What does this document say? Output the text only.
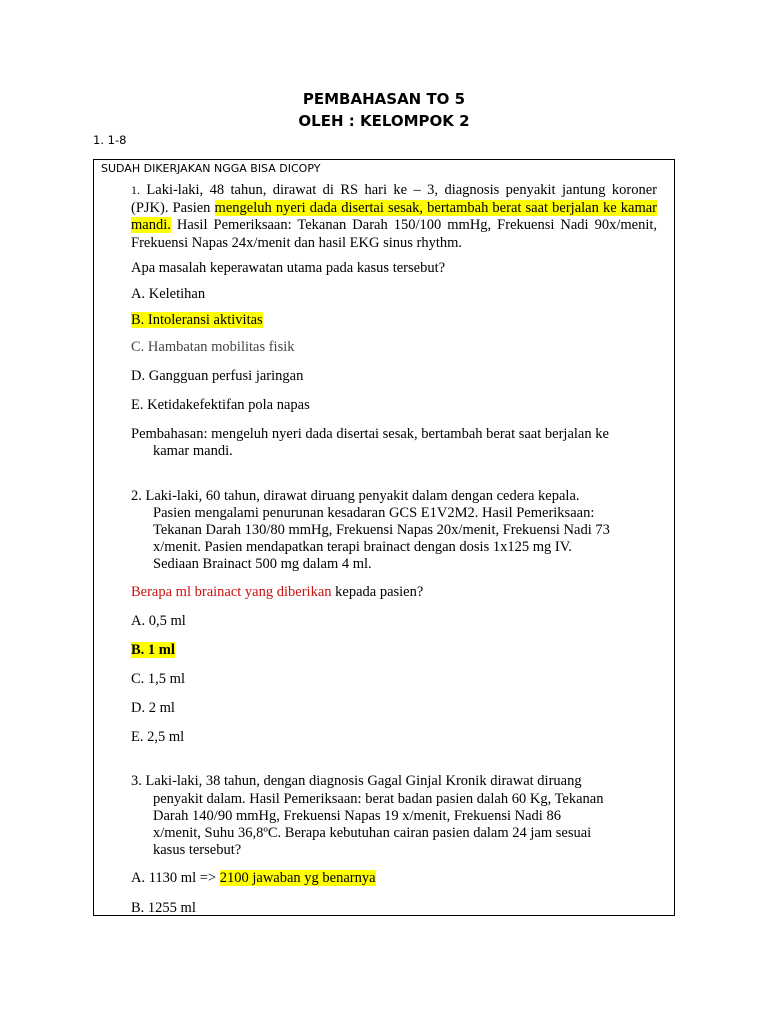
PEMBAHASAN TO 5
OLEH : KELOMPOK 2
1. 1-8
SUDAH DIKERJAKAN NGGA BISA DICOPY
1. Laki-laki, 48 tahun, dirawat di RS hari ke – 3, diagnosis penyakit jantung koroner (PJK). Pasien mengeluh nyeri dada disertai sesak, bertambah berat saat berjalan ke kamar mandi. Hasil Pemeriksaan: Tekanan Darah 150/100 mmHg, Frekuensi Nadi 90x/menit, Frekuensi Napas 24x/menit dan hasil EKG sinus rhythm.
Apa masalah keperawatan utama pada kasus tersebut?
A. Keletihan
B. Intoleransi aktivitas
C. Hambatan mobilitas fisik
D. Gangguan perfusi jaringan
E. Ketidakefektifan pola napas
Pembahasan: mengeluh nyeri dada disertai sesak, bertambah berat saat berjalan ke
kamar mandi.
2. Laki-laki, 60 tahun, dirawat diruang penyakit dalam dengan cedera kepala.
Pasien mengalami penurunan kesadaran GCS E1V2M2. Hasil Pemeriksaan:
Tekanan Darah 130/80 mmHg, Frekuensi Napas 20x/menit, Frekuensi Nadi 73
x/menit. Pasien mendapatkan terapi brainact dengan dosis 1x125 mg IV.
Sediaan Brainact 500 mg dalam 4 ml.
Berapa ml brainact yang diberikan kepada pasien?
A. 0,5 ml
B. 1 ml
C. 1,5 ml
D. 2 ml
E. 2,5 ml
3. Laki-laki, 38 tahun, dengan diagnosis Gagal Ginjal Kronik dirawat diruang
penyakit dalam. Hasil Pemeriksaan: berat badan pasien dalah 60 Kg, Tekanan
Darah 140/90 mmHg, Frekuensi Napas 19 x/menit, Frekuensi Nadi 86
x/menit, Suhu 36,8ºC. Berapa kebutuhan cairan pasien dalam 24 jam sesuai
kasus tersebut?
A. 1130 ml => 2100 jawaban yg benarnya
B. 1255 ml
